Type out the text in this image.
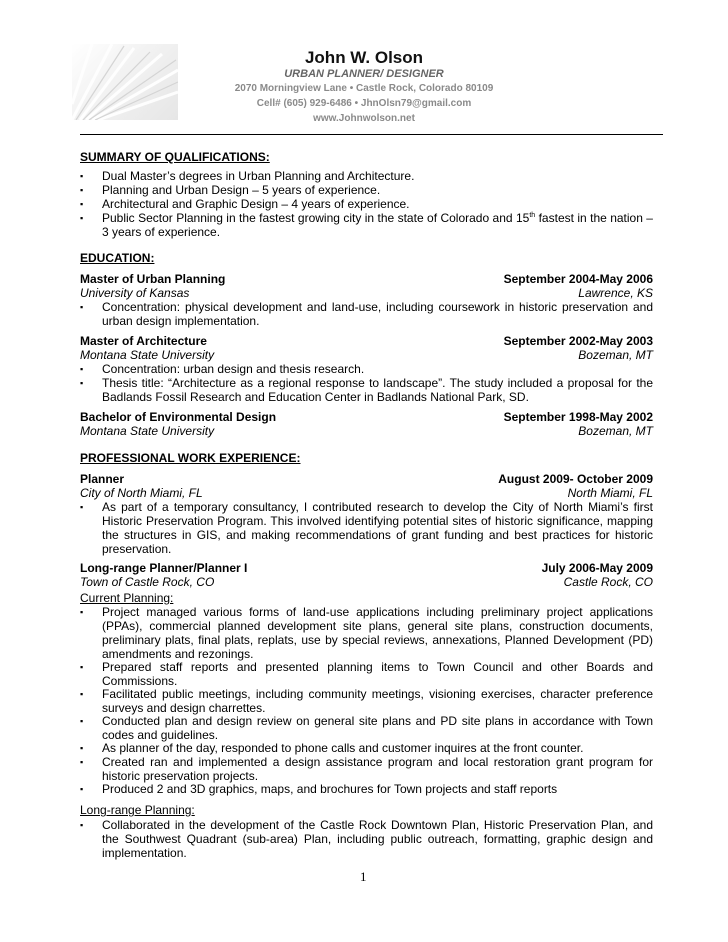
John W. Olson
URBAN PLANNER/ DESIGNER
2070 Morningview Lane • Castle Rock, Colorado 80109
Cell# (605) 929-6486 • JhnOlsn79@gmail.com
www.Johnwolson.net
SUMMARY OF QUALIFICATIONS:
▪ Dual Master’s degrees in Urban Planning and Architecture.
▪ Planning and Urban Design – 5 years of experience.
▪ Architectural and Graphic Design – 4 years of experience.
▪ Public Sector Planning in the fastest growing city in the state of Colorado and 15th fastest in the nation – 3 years of experience.
EDUCATION:
Master of Urban Planning	September 2004-May 2006
University of Kansas	Lawrence, KS
▪ Concentration: physical development and land-use, including coursework in historic preservation and urban design implementation.
Master of Architecture	September 2002-May 2003
Montana State University	Bozeman, MT
▪ Concentration: urban design and thesis research.
▪ Thesis title: “Architecture as a regional response to landscape”. The study included a proposal for the Badlands Fossil Research and Education Center in Badlands National Park, SD.
Bachelor of Environmental Design	September 1998-May 2002
Montana State University	Bozeman, MT
PROFESSIONAL WORK EXPERIENCE:
Planner	August 2009- October 2009
City of North Miami, FL	North Miami, FL
▪ As part of a temporary consultancy, I contributed research to develop the City of North Miami’s first Historic Preservation Program. This involved identifying potential sites of historic significance, mapping the structures in GIS, and making recommendations of grant funding and best practices for historic preservation.
Long-range Planner/Planner I	July 2006-May 2009
Town of Castle Rock, CO	Castle Rock, CO
Current Planning:
▪ Project managed various forms of land-use applications including preliminary project applications (PPAs), commercial planned development site plans, general site plans, construction documents, preliminary plats, final plats, replats, use by special reviews, annexations, Planned Development (PD) amendments and rezonings.
▪ Prepared staff reports and presented planning items to Town Council and other Boards and Commissions.
▪ Facilitated public meetings, including community meetings, visioning exercises, character preference surveys and design charrettes.
▪ Conducted plan and design review on general site plans and PD site plans in accordance with Town codes and guidelines.
▪ As planner of the day, responded to phone calls and customer inquires at the front counter.
▪ Created ran and implemented a design assistance program and local restoration grant program for historic preservation projects.
▪ Produced 2 and 3D graphics, maps, and brochures for Town projects and staff reports
Long-range Planning:
▪ Collaborated in the development of the Castle Rock Downtown Plan, Historic Preservation Plan, and the Southwest Quadrant (sub-area) Plan, including public outreach, formatting, graphic design and implementation.
1
